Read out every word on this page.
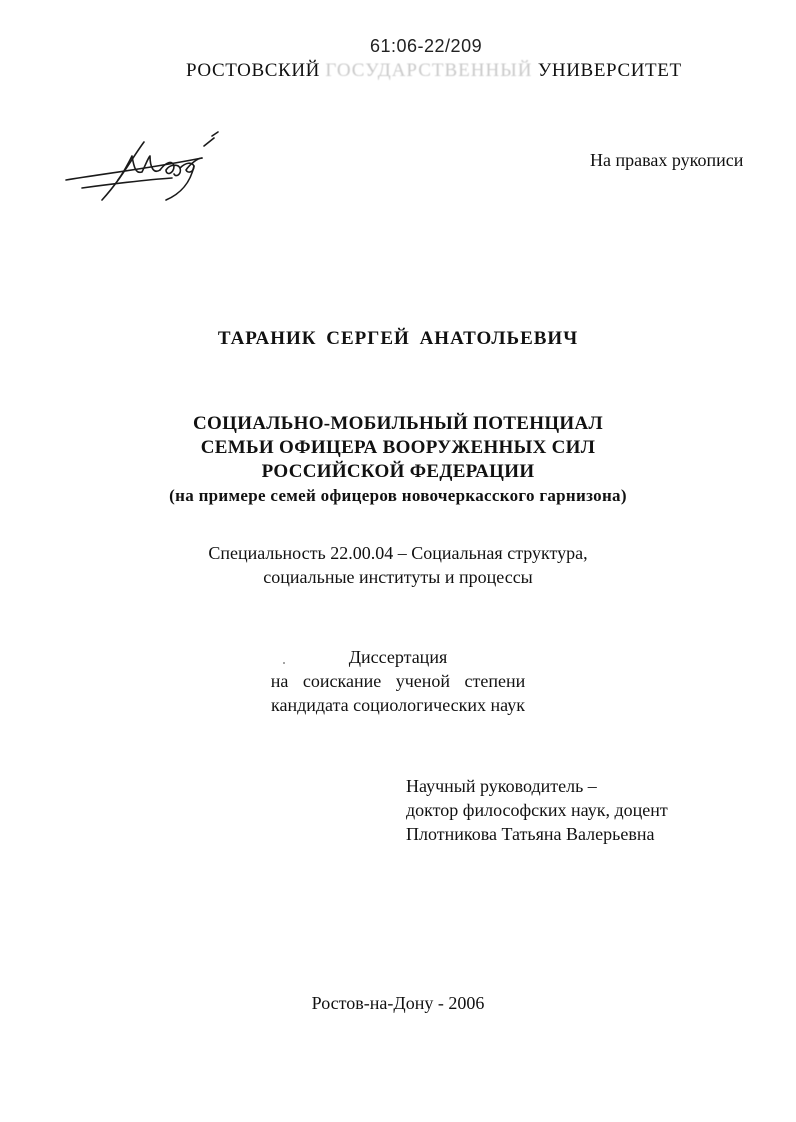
61:06-22/209
РОСТОВСКИЙ ГОСУДАРСТВЕННЫЙ УНИВЕРСИТЕТ
На правах рукописи
ТАРАНИК СЕРГЕЙ АНАТОЛЬЕВИЧ
СОЦИАЛЬНО-МОБИЛЬНЫЙ ПОТЕНЦИАЛ
СЕМЬИ ОФИЦЕРА ВООРУЖЕННЫХ СИЛ
РОССИЙСКОЙ ФЕДЕРАЦИИ
(на примере семей офицеров новочеркасского гарнизона)
Специальность 22.00.04 – Социальная структура,
социальные институты и процессы
Диссертация
на соискание ученой степени
кандидата социологических наук
Научный руководитель –
доктор философских наук, доцент
Плотникова Татьяна Валерьевна
Ростов-на-Дону - 2006
